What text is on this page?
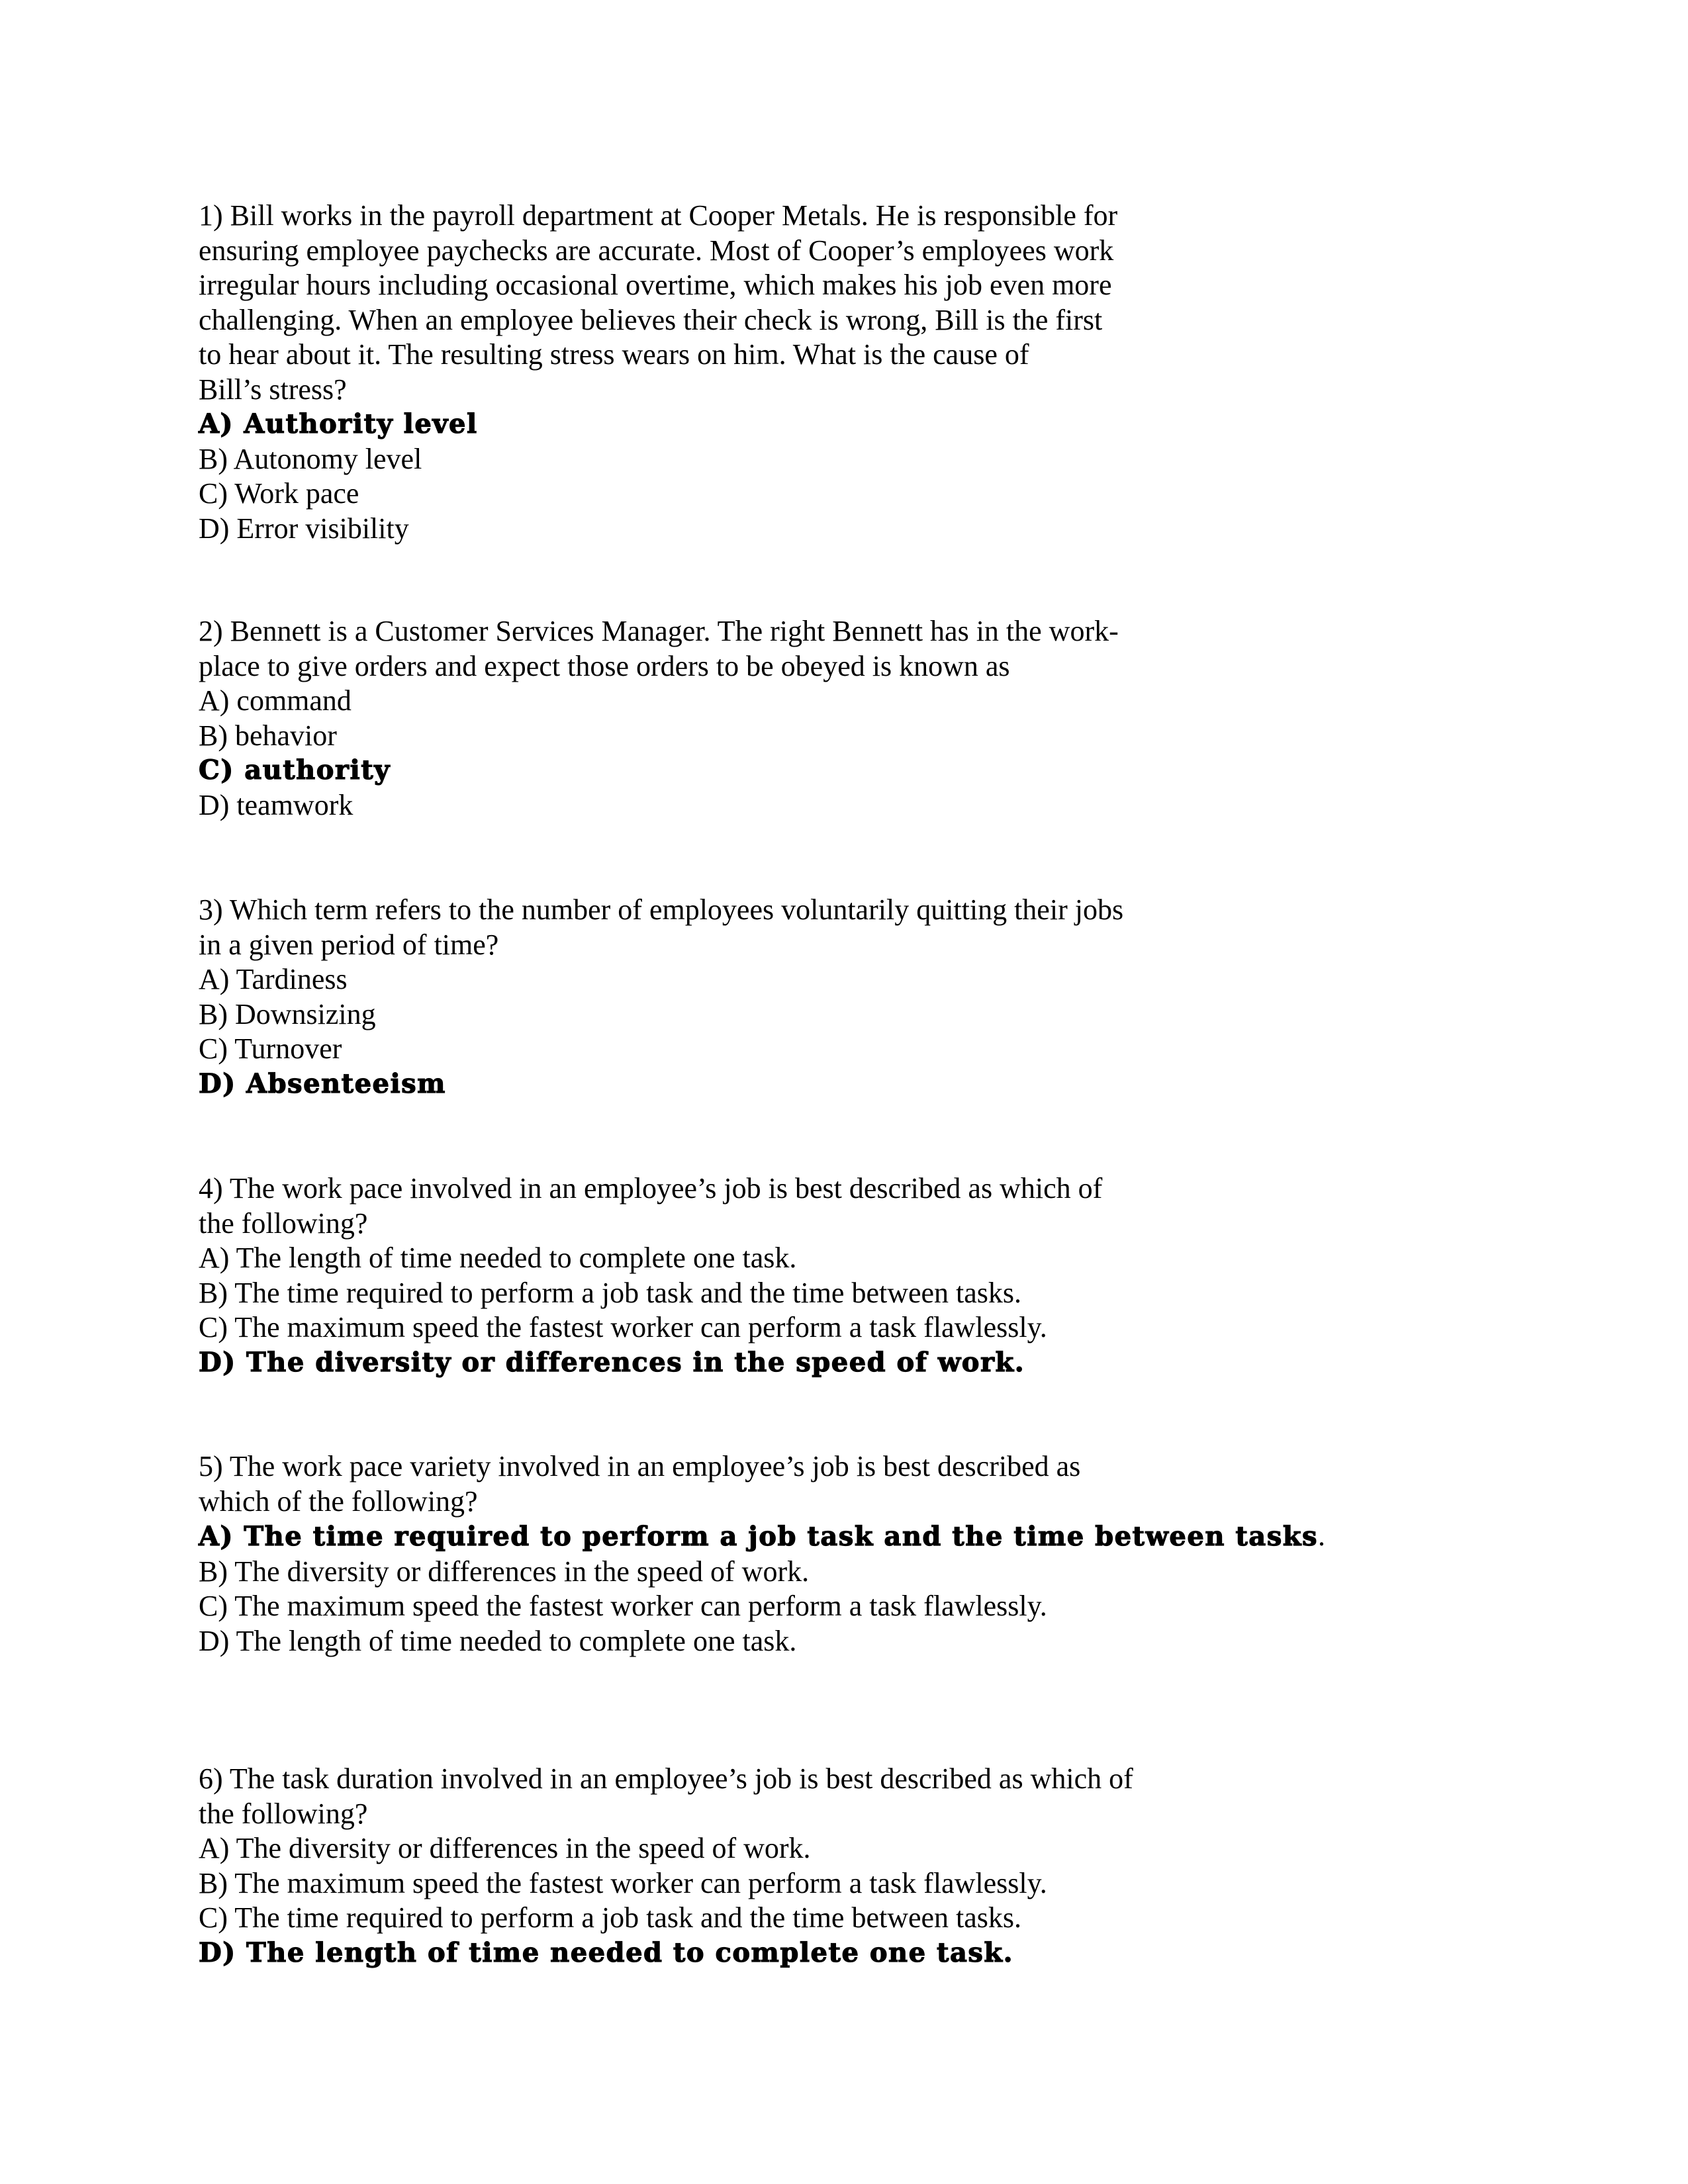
1) Bill works in the payroll department at Cooper Metals. He is responsible for
ensuring employee paychecks are accurate. Most of Cooper’s employees work
irregular hours including occasional overtime, which makes his job even more
challenging. When an employee believes their check is wrong, Bill is the first
to hear about it. The resulting stress wears on him. What is the cause of
Bill’s stress?
A) Authority level
B) Autonomy level
C) Work pace
D) Error visibility
2) Bennett is a Customer Services Manager. The right Bennett has in the work-
place to give orders and expect those orders to be obeyed is known as
A) command
B) behavior
C) authority
D) teamwork
3) Which term refers to the number of employees voluntarily quitting their jobs
in a given period of time?
A) Tardiness
B) Downsizing
C) Turnover
D) Absenteeism
4) The work pace involved in an employee’s job is best described as which of
the following?
A) The length of time needed to complete one task.
B) The time required to perform a job task and the time between tasks.
C) The maximum speed the fastest worker can perform a task flawlessly.
D) The diversity or differences in the speed of work.
5) The work pace variety involved in an employee’s job is best described as
which of the following?
A) The time required to perform a job task and the time between tasks.
B) The diversity or differences in the speed of work.
C) The maximum speed the fastest worker can perform a task flawlessly.
D) The length of time needed to complete one task.
6) The task duration involved in an employee’s job is best described as which of
the following?
A) The diversity or differences in the speed of work.
B) The maximum speed the fastest worker can perform a task flawlessly.
C) The time required to perform a job task and the time between tasks.
D) The length of time needed to complete one task.
